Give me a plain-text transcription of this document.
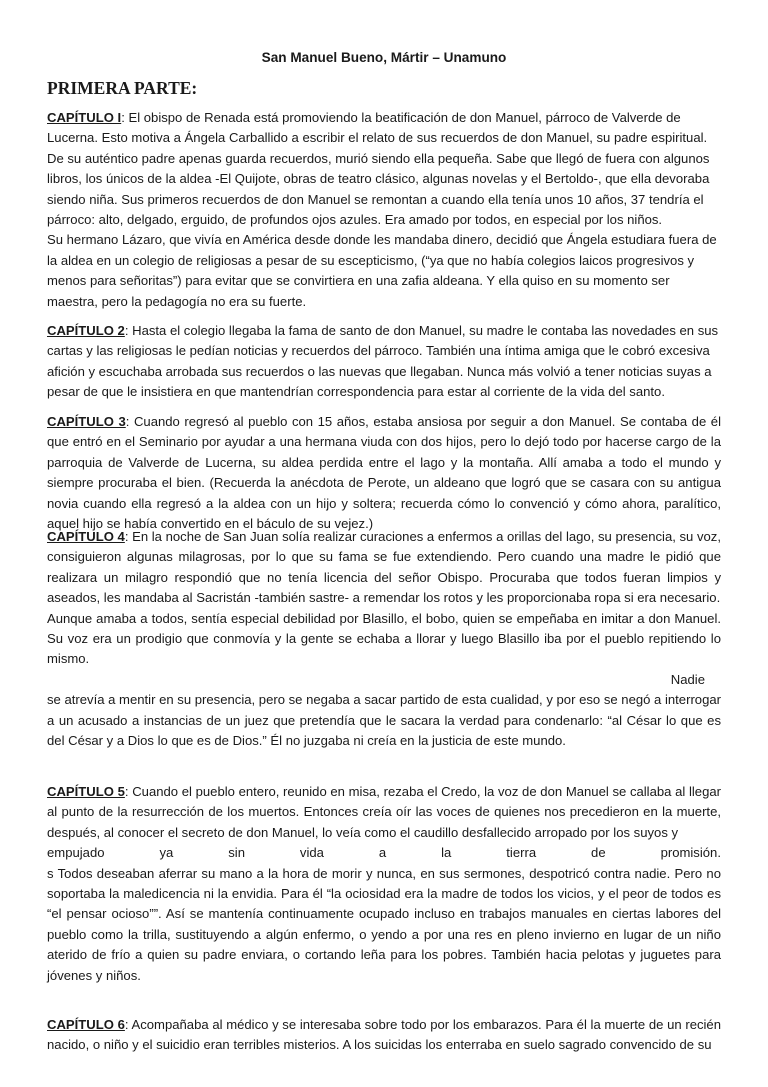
San Manuel Bueno, Mártir – Unamuno
PRIMERA PARTE:

CAPÍTULO I: El obispo de Renada está promoviendo la beatificación de don Manuel, párroco de Valverde de Lucerna. Esto motiva a Ángela Carballido a escribir el relato de sus recuerdos de don Manuel, su padre espiritual. De su auténtico padre apenas guarda recuerdos, murió siendo ella pequeña. Sabe que llegó de fuera con algunos libros, los únicos de la aldea -El Quijote, obras de teatro clásico, algunas novelas y el Bertoldo-, que ella devoraba siendo niña. Sus primeros recuerdos de don Manuel se remontan a cuando ella tenía unos 10 años, 37 tendría el párroco: alto, delgado, erguido, de profundos ojos azules. Era amado por todos, en especial por los niños.

Su hermano Lázaro, que vivía en América desde donde les mandaba dinero, decidió que Ángela estudiara fuera de la aldea en un colegio de religiosas a pesar de su escepticismo, (“ya que no había colegios laicos progresivos y menos para señoritas”) para evitar que se convirtiera en una zafia aldeana. Y ella quiso en su momento ser maestra, pero la pedagogía no era su fuerte.

CAPÍTULO 2: Hasta el colegio llegaba la fama de santo de don Manuel, su madre le contaba las novedades en sus cartas y las religiosas le pedían noticias y recuerdos del párroco. También una íntima amiga que le cobró excesiva afición y escuchaba arrobada sus recuerdos o las nuevas que llegaban. Nunca más volvió a tener noticias suyas a pesar de que le insistiera en que mantendrían correspondencia para estar al corriente de la vida del santo.

CAPÍTULO 3: Cuando regresó al pueblo con 15 años, estaba ansiosa por seguir a don Manuel. Se contaba de él que entró en el Seminario por ayudar a una hermana viuda con dos hijos, pero lo dejó todo por hacerse cargo de la parroquia de Valverde de Lucerna, su aldea perdida entre el lago y la montaña. Allí amaba a todo el mundo y siempre procuraba el bien. (Recuerda la anécdota de Perote, un aldeano que logró que se casara con su antigua novia cuando ella regresó a la aldea con un hijo y soltera; recuerda cómo lo convenció y cómo ahora, paralítico, aquel hijo se había convertido en el báculo de su vejez.)

CAPÍTULO 4: En la noche de San Juan solía realizar curaciones a enfermos a orillas del lago, su presencia, su voz, consiguieron algunas milagrosas, por lo que su fama se fue extendiendo. Pero cuando una madre le pidió que realizara un milagro respondió que no tenía licencia del señor Obispo. Procuraba que todos fueran limpios y aseados, les mandaba al Sacristán -también sastre- a remendar los rotos y les proporcionaba ropa si era necesario.

Aunque amaba a todos, sentía especial debilidad por Blasillo, el bobo, quien se empeñaba en imitar a don Manuel. Su voz era un prodigio que conmovía y la gente se echaba a llorar y luego Blasillo iba por el pueblo repitiendo lo mismo.

Nadie

se atrevía a mentir en su presencia, pero se negaba a sacar partido de esta cualidad, y por eso se negó a interrogar a un acusado a instancias de un juez que pretendía que le sacara la verdad para condenarlo: “al César lo que es del César y a Dios lo que es de Dios.” Él no juzgaba ni creía en la justicia de este mundo.

CAPÍTULO 5: Cuando el pueblo entero, reunido en misa, rezaba el Credo, la voz de don Manuel se callaba al llegar al punto de la resurrección de los muertos. Entonces creía oír las voces de quienes nos precedieron en la muerte, después, al conocer el secreto de don Manuel, lo veía como el caudillo desfallecido arropado por los suyos y

empujado	ya	sin	vida	a	la	tierra	de	promisión.

s Todos deseaban aferrar su mano a la hora de morir y nunca, en sus sermones, despotricó contra nadie. Pero no soportaba la maledicencia ni la envidia. Para él “la ociosidad era la madre de todos los vicios, y el peor de todos es “el pensar ocioso””. Así se mantenía continuamente ocupado incluso en trabajos manuales en ciertas labores del pueblo como la trilla, sustituyendo a algún enfermo, o yendo a por una res en pleno invierno en lugar de un niño aterido de frío a quien su padre enviara, o cortando leña para los pobres. También hacia pelotas y juguetes para jóvenes y niños.

CAPÍTULO 6: Acompañaba al médico y se interesaba sobre todo por los embarazos. Para él la muerte de un recién nacido, o niño y el suicidio eran terribles misterios. A los suicidas los enterraba en suelo sagrado convencido de su
